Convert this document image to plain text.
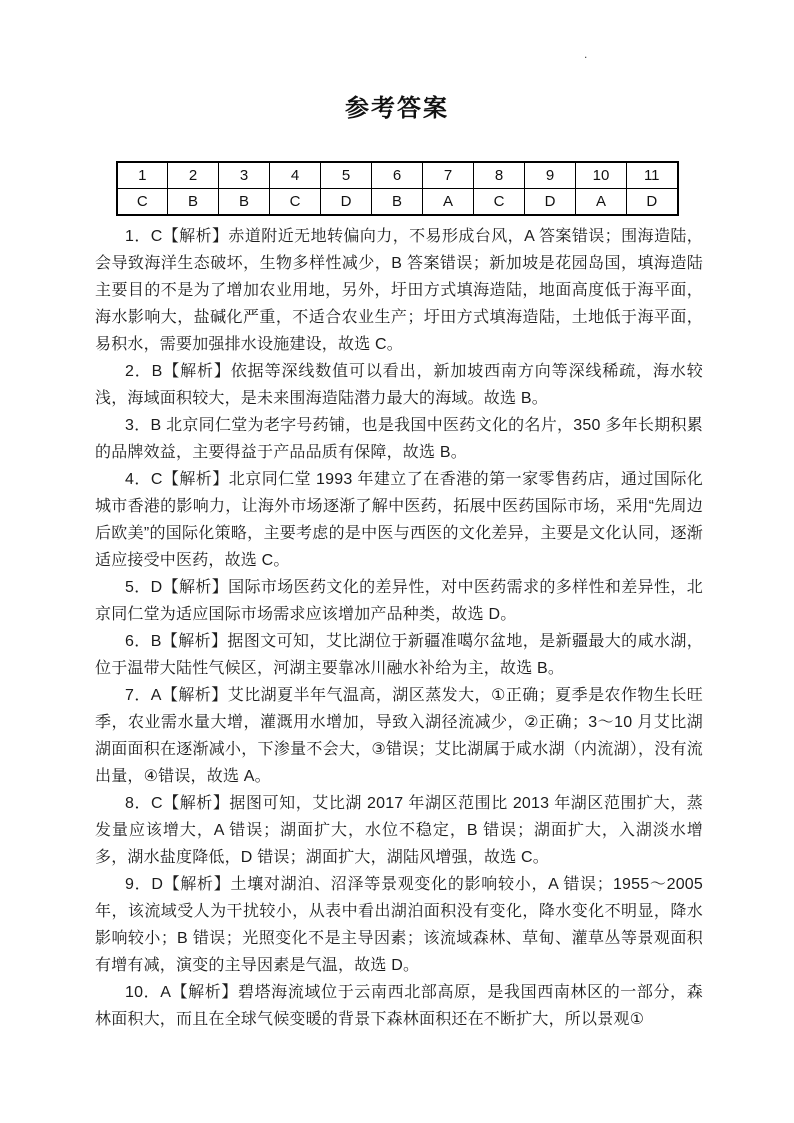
.
参考答案
1	2	3	4	5	6	7	8	9	10	11
C	B	B	C	D	B	A	C	D	A	D

1．C【解析】赤道附近无地转偏向力，不易形成台风，A 答案错误；围海造陆，会导致海洋生态破坏，生物多样性减少，B 答案错误；新加坡是花园岛国，填海造陆主要目的不是为了增加农业用地，另外，圩田方式填海造陆，地面高度低于海平面，海水影响大，盐碱化严重，不适合农业生产；圩田方式填海造陆，土地低于海平面，易积水，需要加强排水设施建设，故选 C。

2．B【解析】依据等深线数值可以看出，新加坡西南方向等深线稀疏，海水较浅，海域面积较大，是未来围海造陆潜力最大的海域。故选 B。

3．B 北京同仁堂为老字号药铺，也是我国中医药文化的名片，350 多年长期积累的品牌效益，主要得益于产品品质有保障，故选 B。

4．C【解析】北京同仁堂 1993 年建立了在香港的第一家零售药店，通过国际化城市香港的影响力，让海外市场逐渐了解中医药，拓展中医药国际市场，采用“先周边后欧美”的国际化策略，主要考虑的是中医与西医的文化差异，主要是文化认同，逐渐适应接受中医药，故选 C。

5．D【解析】国际市场医药文化的差异性，对中医药需求的多样性和差异性，北京同仁堂为适应国际市场需求应该增加产品种类，故选 D。

6．B【解析】据图文可知，艾比湖位于新疆准噶尔盆地，是新疆最大的咸水湖，位于温带大陆性气候区，河湖主要靠冰川融水补给为主，故选 B。

7．A【解析】艾比湖夏半年气温高，湖区蒸发大，①正确；夏季是农作物生长旺季，农业需水量大增，灌溉用水增加，导致入湖径流减少，②正确；3～10 月艾比湖湖面面积在逐渐减小，下渗量不会大，③错误；艾比湖属于咸水湖（内流湖），没有流出量，④错误，故选 A。

8．C【解析】据图可知，艾比湖 2017 年湖区范围比 2013 年湖区范围扩大，蒸发量应该增大，A 错误；湖面扩大，水位不稳定，B 错误；湖面扩大，入湖淡水增多，湖水盐度降低，D 错误；湖面扩大，湖陆风增强，故选 C。

9．D【解析】土壤对湖泊、沼泽等景观变化的影响较小，A 错误；1955～2005 年，该流域受人为干扰较小，从表中看出湖泊面积没有变化，降水变化不明显，降水影响较小；B 错误；光照变化不是主导因素；该流域森林、草甸、灌草丛等景观面积有增有减，演变的主导因素是气温，故选 D。

10．A【解析】碧塔海流域位于云南西北部高原，是我国西南林区的一部分，森林面积大，而且在全球气候变暖的背景下森林面积还在不断扩大，所以景观①
